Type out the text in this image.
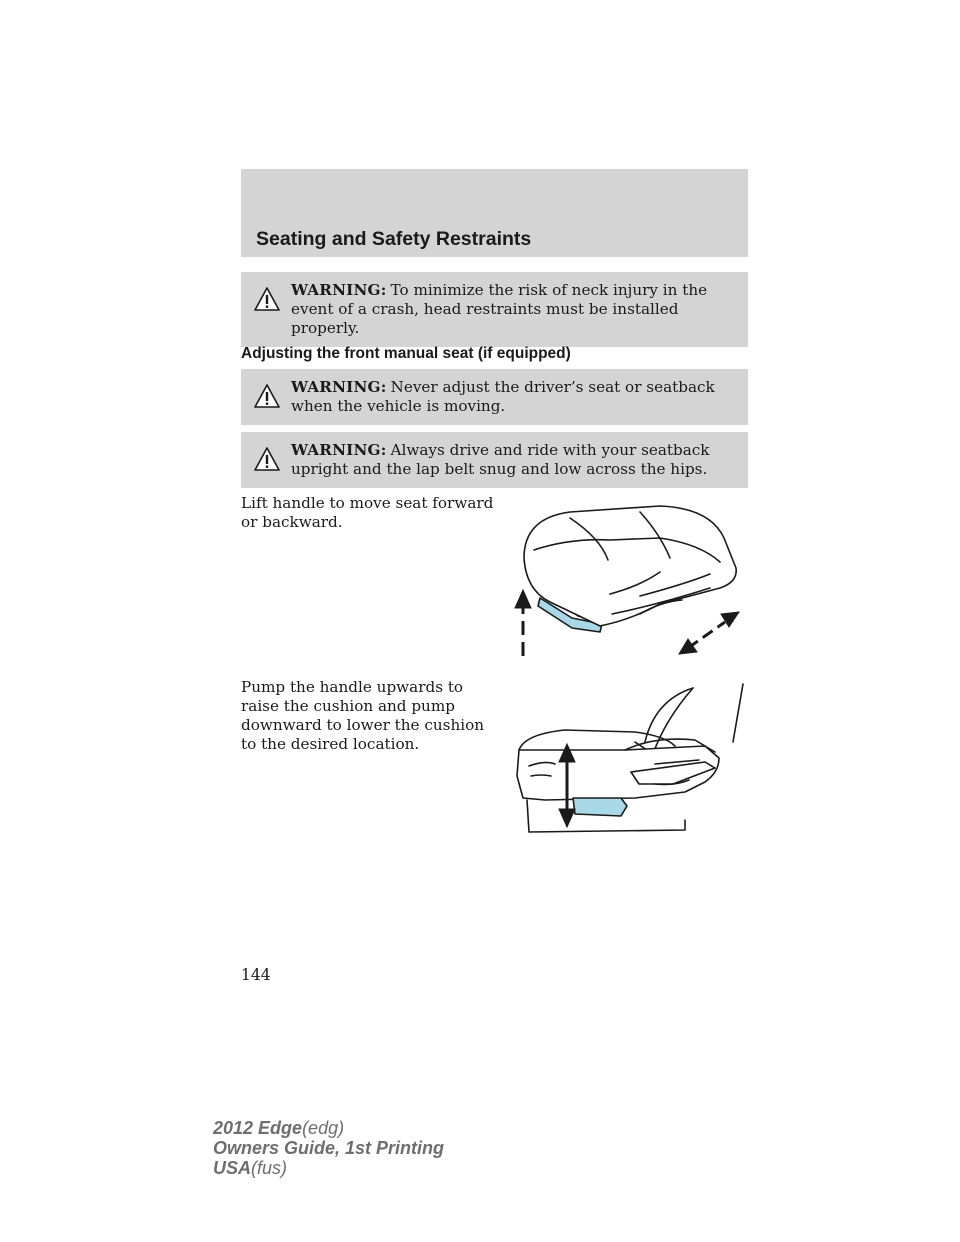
Seating and Safety Restraints
WARNING: To minimize the risk of neck injury in the event of a crash, head restraints must be installed properly.
Adjusting the front manual seat (if equipped)
WARNING: Never adjust the driver’s seat or seatback when the vehicle is moving.
WARNING: Always drive and ride with your seatback upright and the lap belt snug and low across the hips.

Lift handle to move seat forward or backward.

Pump the handle upwards to raise the cushion and pump downward to lower the cushion to the desired location.

144

2012 Edge(edg)
Owners Guide, 1st Printing
USA(fus)
